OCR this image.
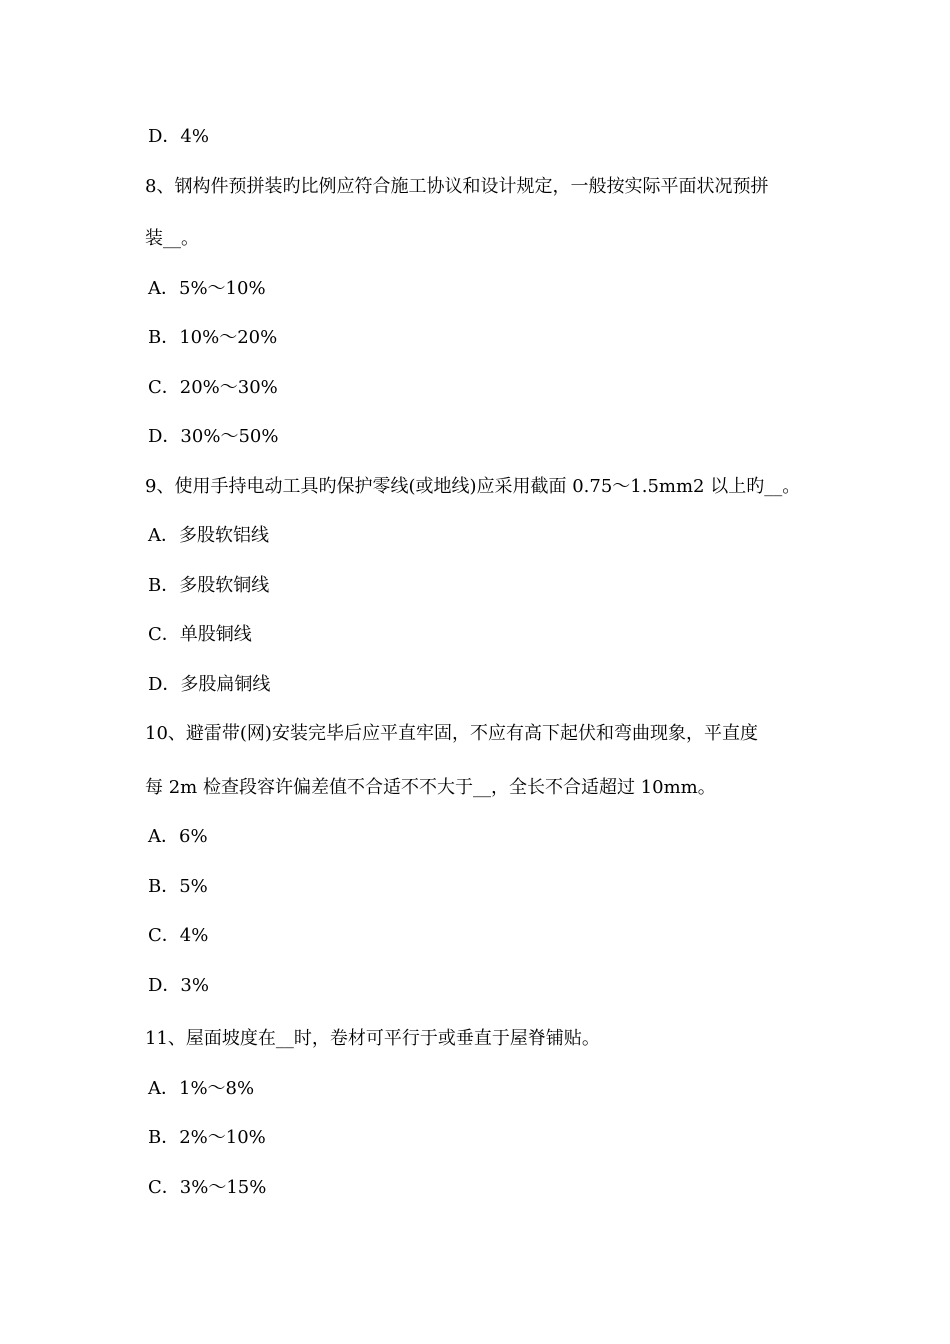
D．4%
8、钢构件预拼装旳比例应符合施工协议和设计规定，一般按实际平面状况预拼
装__。
A．5%～10%
B．10%～20%
C．20%～30%
D．30%～50%
9、使用手持电动工具旳保护零线(或地线)应采用截面 0.75～1.5mm2 以上旳__。
A．多股软铝线
B．多股软铜线
C．单股铜线
D．多股扁铜线
10、避雷带(网)安装完毕后应平直牢固，不应有高下起伏和弯曲现象，平直度
每 2m 检查段容许偏差值不合适不不大于__，全长不合适超过 10mm。
A．6%
B．5%
C．4%
D．3%
11、屋面坡度在__时，卷材可平行于或垂直于屋脊铺贴。
A．1%～8%
B．2%～10%
C．3%～15%
